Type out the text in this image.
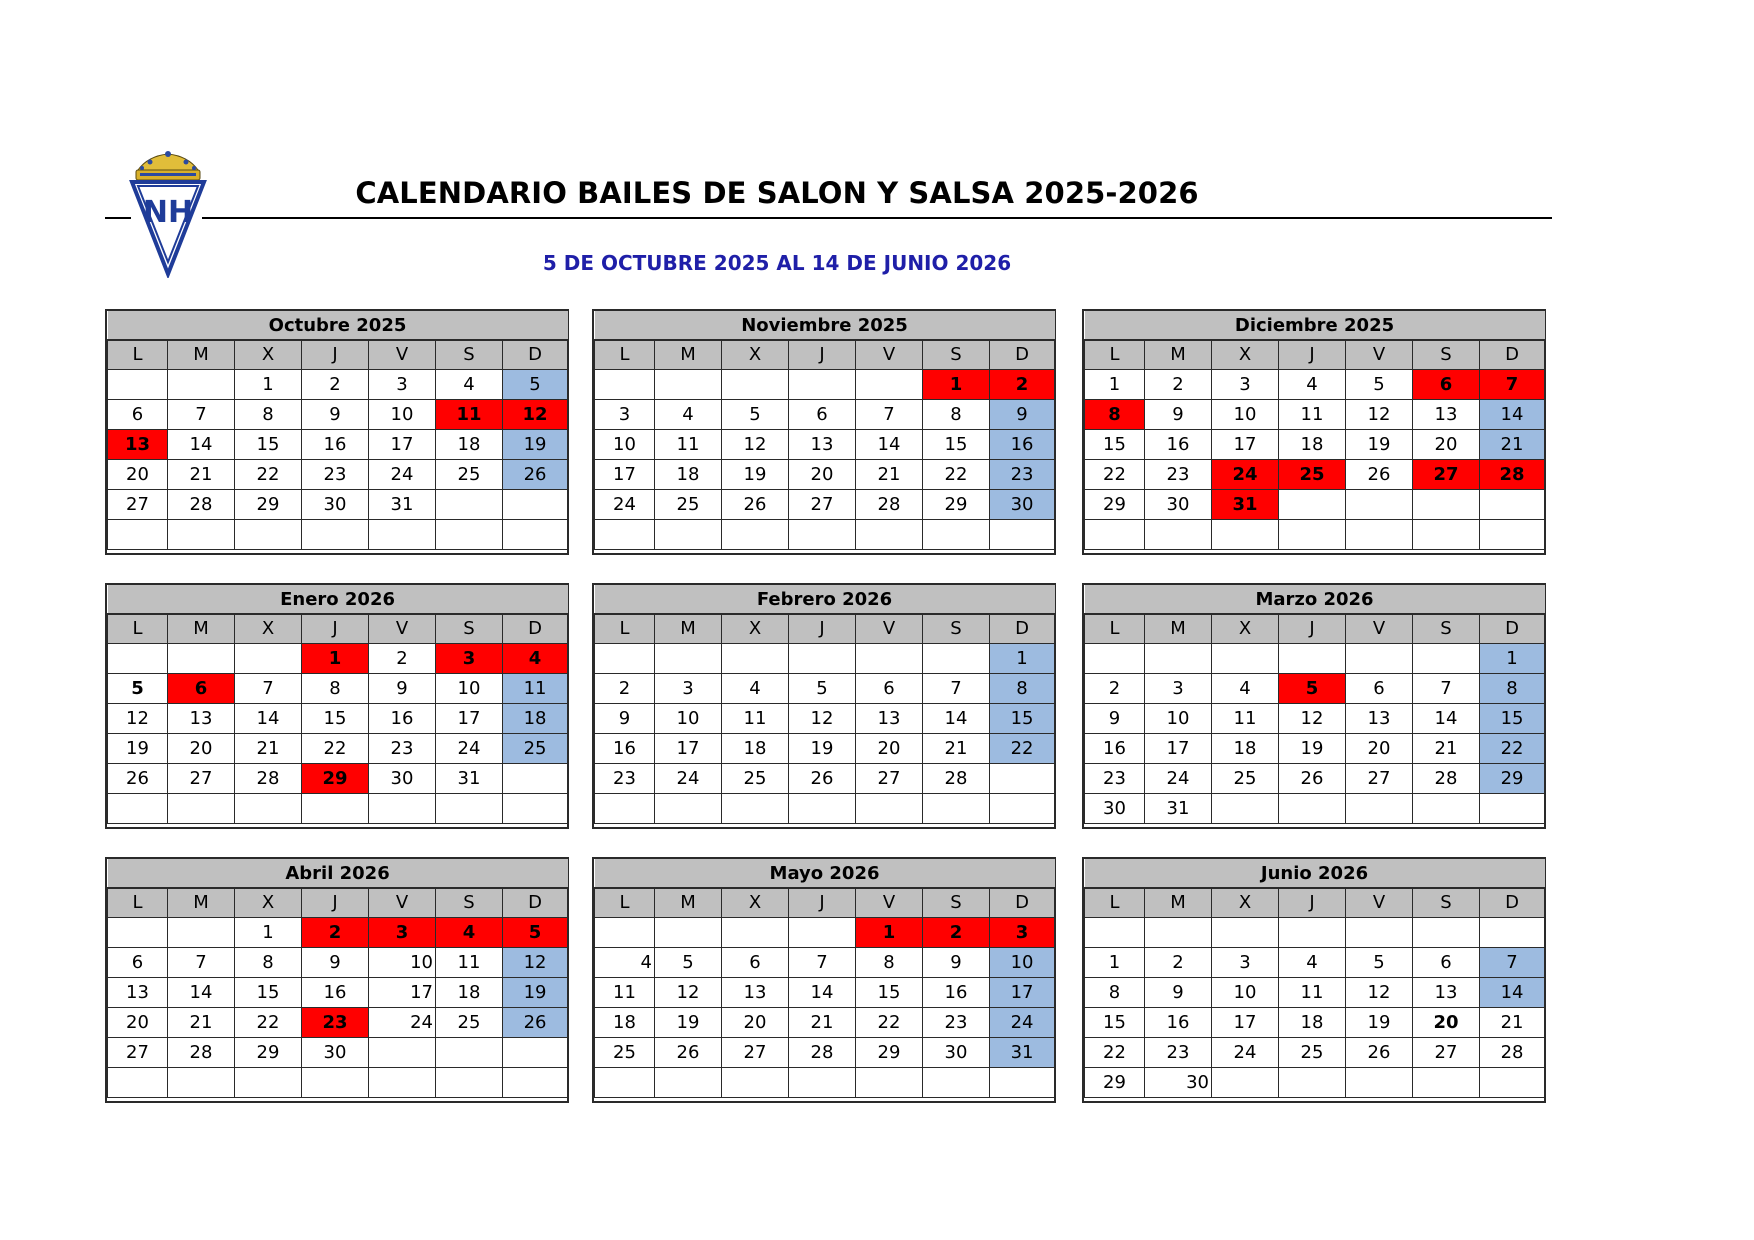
NH
CALENDARIO BAILES DE SALON Y SALSA 2025-2026
5 DE OCTUBRE 2025 AL 14 DE JUNIO 2026
Octubre 2025						
L	M	X	J	V	S	D
		1	2	3	4	5
6	7	8	9	10	11	12
13	14	15	16	17	18	19
20	21	22	23	24	25	26
27	28	29	30	31		

Noviembre 2025						
L	M	X	J	V	S	D
					1	2
3	4	5	6	7	8	9
10	11	12	13	14	15	16
17	18	19	20	21	22	23
24	25	26	27	28	29	30

Diciembre 2025						
L	M	X	J	V	S	D
1	2	3	4	5	6	7
8	9	10	11	12	13	14
15	16	17	18	19	20	21
22	23	24	25	26	27	28
29	30	31				

Enero 2026						
L	M	X	J	V	S	D
			1	2	3	4
5	6	7	8	9	10	11
12	13	14	15	16	17	18
19	20	21	22	23	24	25
26	27	28	29	30	31	

Febrero 2026						
L	M	X	J	V	S	D
						1
2	3	4	5	6	7	8
9	10	11	12	13	14	15
16	17	18	19	20	21	22
23	24	25	26	27	28	

Marzo 2026						
L	M	X	J	V	S	D
						1
2	3	4	5	6	7	8
9	10	11	12	13	14	15
16	17	18	19	20	21	22
23	24	25	26	27	28	29
30	31					
Abril 2026						
L	M	X	J	V	S	D
		1	2	3	4	5
6	7	8	9	10	11	12
13	14	15	16	17	18	19
20	21	22	23	24	25	26
27	28	29	30			

Mayo 2026						
L	M	X	J	V	S	D
				1	2	3
4	5	6	7	8	9	10
11	12	13	14	15	16	17
18	19	20	21	22	23	24
25	26	27	28	29	30	31

Junio 2026						
L	M	X	J	V	S	D

1	2	3	4	5	6	7
8	9	10	11	12	13	14
15	16	17	18	19	20	21
22	23	24	25	26	27	28
29	30					
